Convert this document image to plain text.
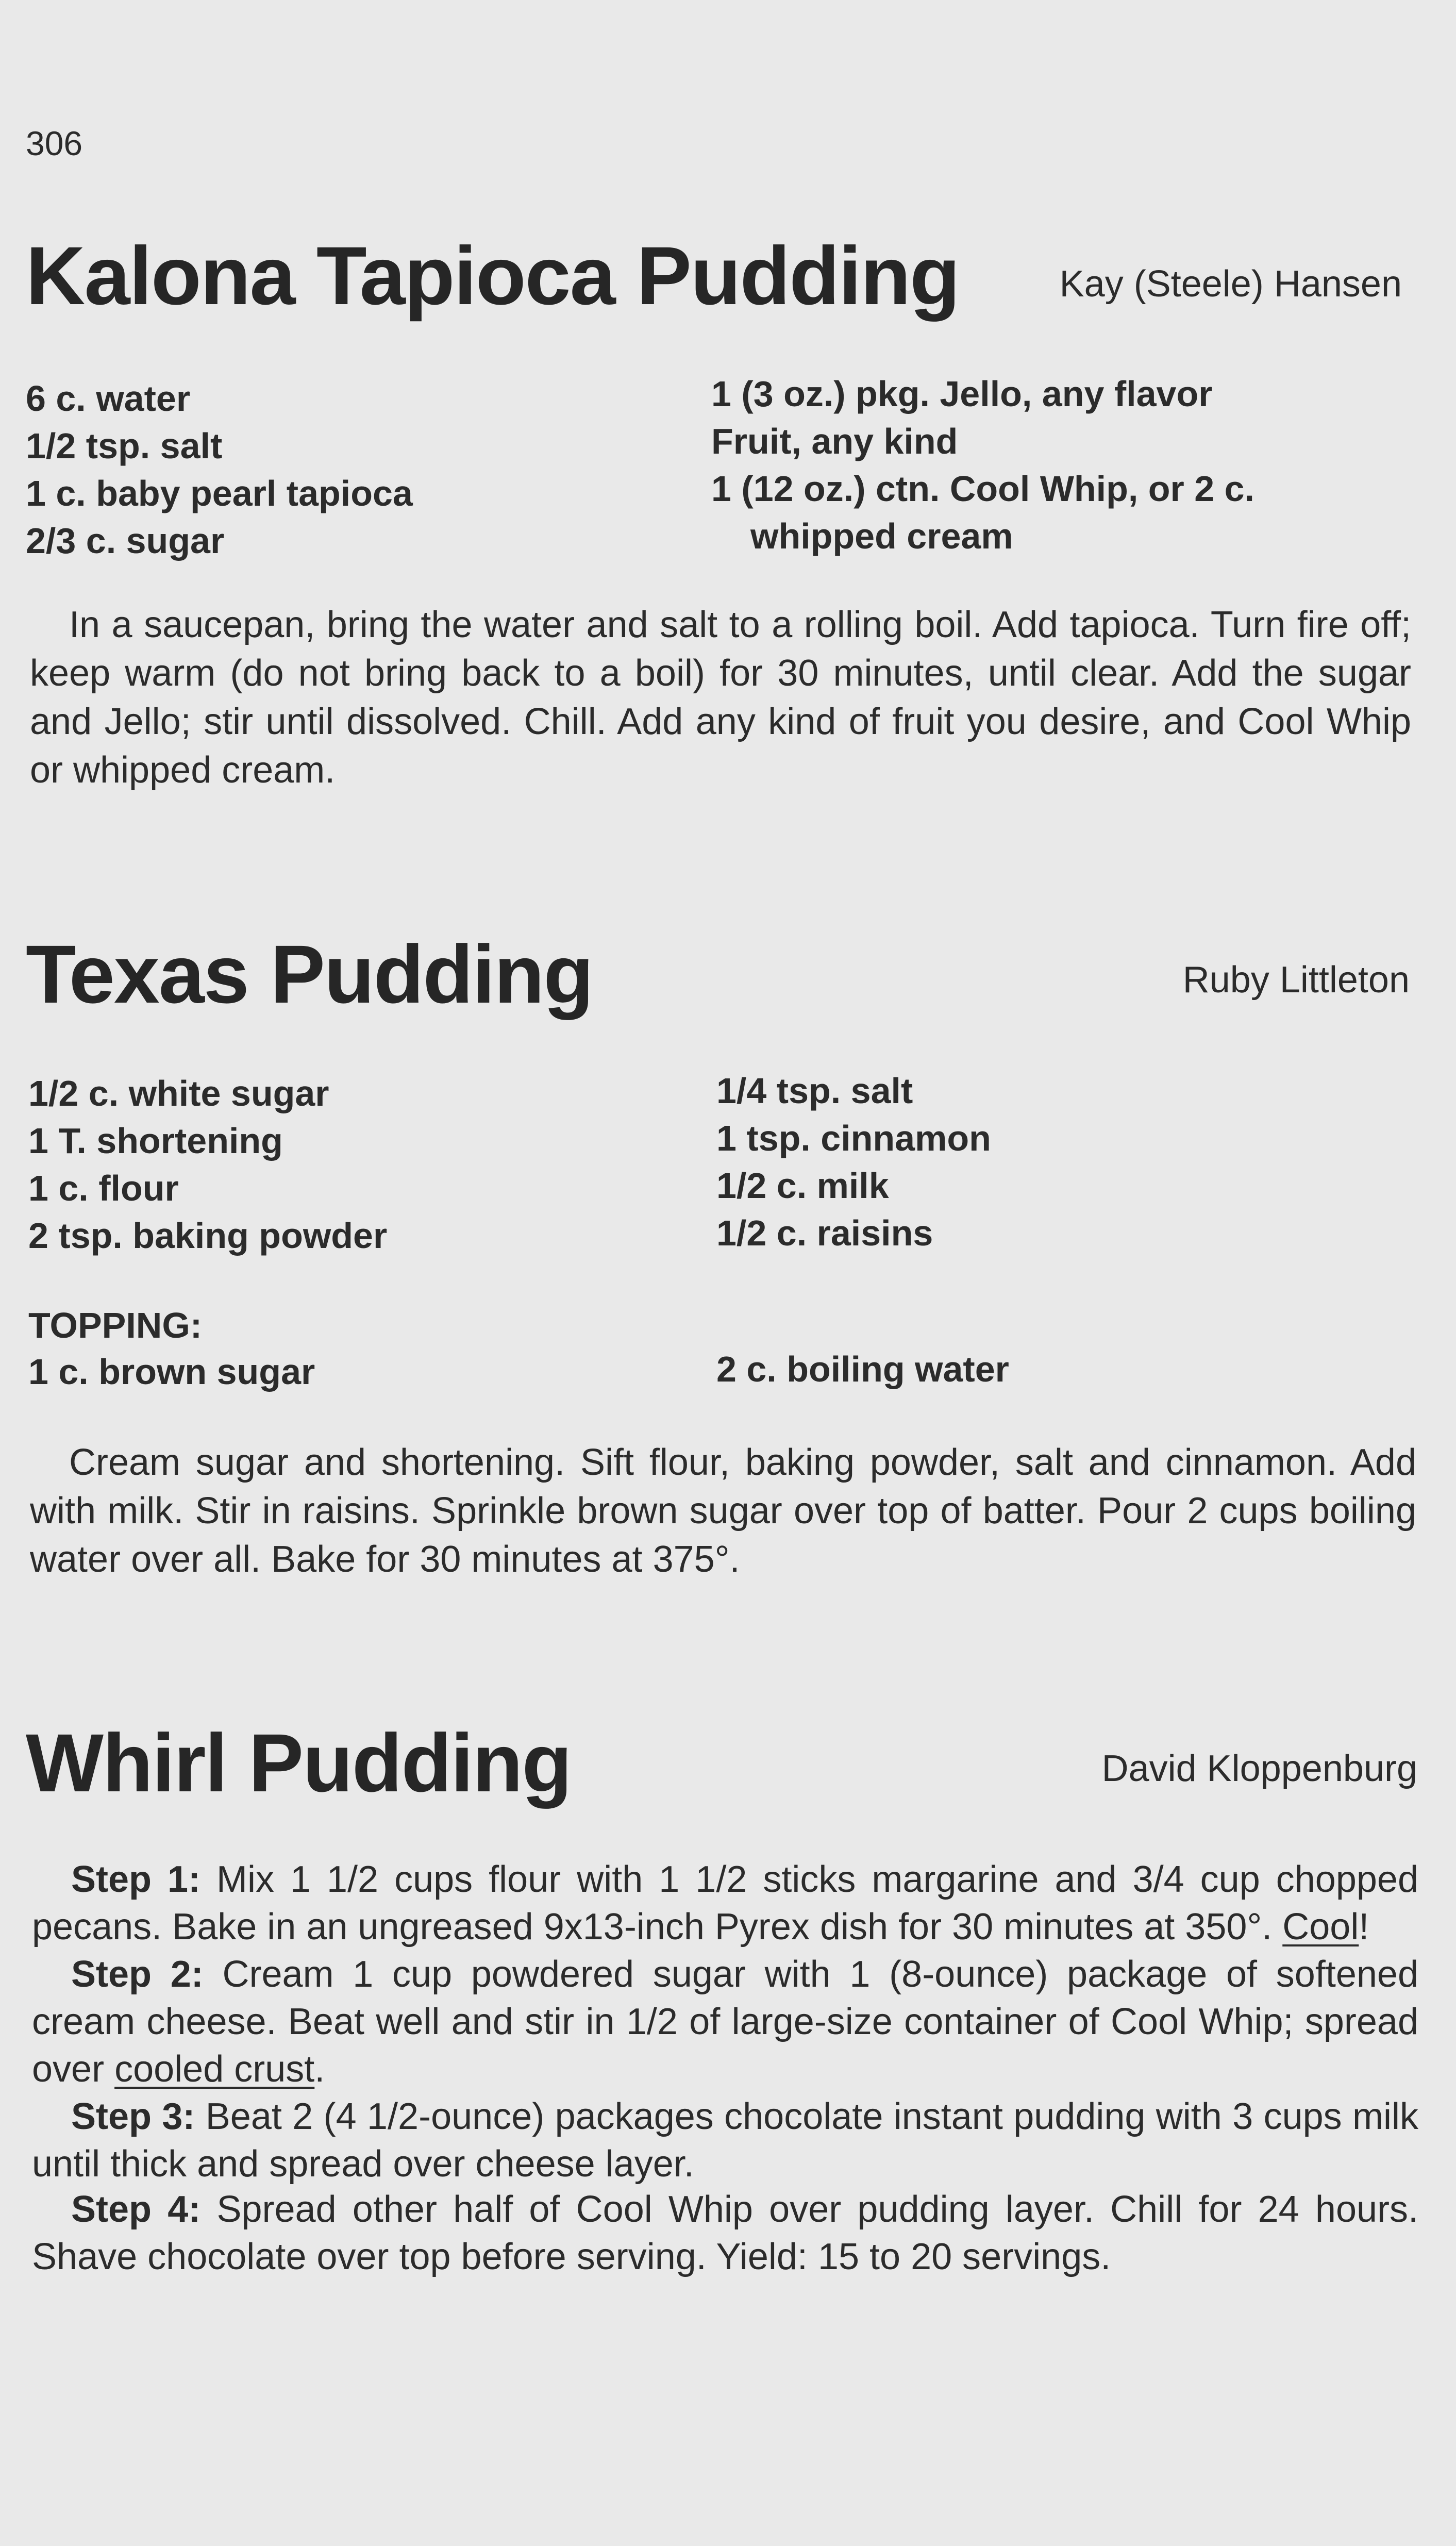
306
Kalona Tapioca Pudding	Kay (Steele) Hansen
6 c. water
1/2 tsp. salt
1 c. baby pearl tapioca
2/3 c. sugar
1 (3 oz.) pkg. Jello, any flavor
Fruit, any kind
1 (12 oz.) ctn. Cool Whip, or 2 c.
whipped cream

In a saucepan, bring the water and salt to a rolling boil. Add tapioca. Turn fire off; keep warm (do not bring back to a boil) for 30 minutes, until clear. Add the sugar and Jello; stir until dissolved. Chill. Add any kind of fruit you desire, and Cool Whip or whipped cream.

Texas Pudding	Ruby Littleton
1/2 c. white sugar
1 T. shortening
1 c. flour
2 tsp. baking powder
1/4 tsp. salt
1 tsp. cinnamon
1/2 c. milk
1/2 c. raisins
TOPPING:
1 c. brown sugar	2 c. boiling water

Cream sugar and shortening. Sift flour, baking powder, salt and cinnamon. Add with milk. Stir in raisins. Sprinkle brown sugar over top of batter. Pour 2 cups boiling water over all. Bake for 30 minutes at 375°.

Whirl Pudding	David Kloppenburg

Step 1: Mix 1 1/2 cups flour with 1 1/2 sticks margarine and 3/4 cup chopped pecans. Bake in an ungreased 9x13-inch Pyrex dish for 30 minutes at 350°. Cool!

Step 2: Cream 1 cup powdered sugar with 1 (8-ounce) package of softened cream cheese. Beat well and stir in 1/2 of large-size container of Cool Whip; spread over cooled crust.

Step 3: Beat 2 (4 1/2-ounce) packages chocolate instant pudding with 3 cups milk until thick and spread over cheese layer.

Step 4: Spread other half of Cool Whip over pudding layer. Chill for 24 hours. Shave chocolate over top before serving. Yield: 15 to 20 servings.
